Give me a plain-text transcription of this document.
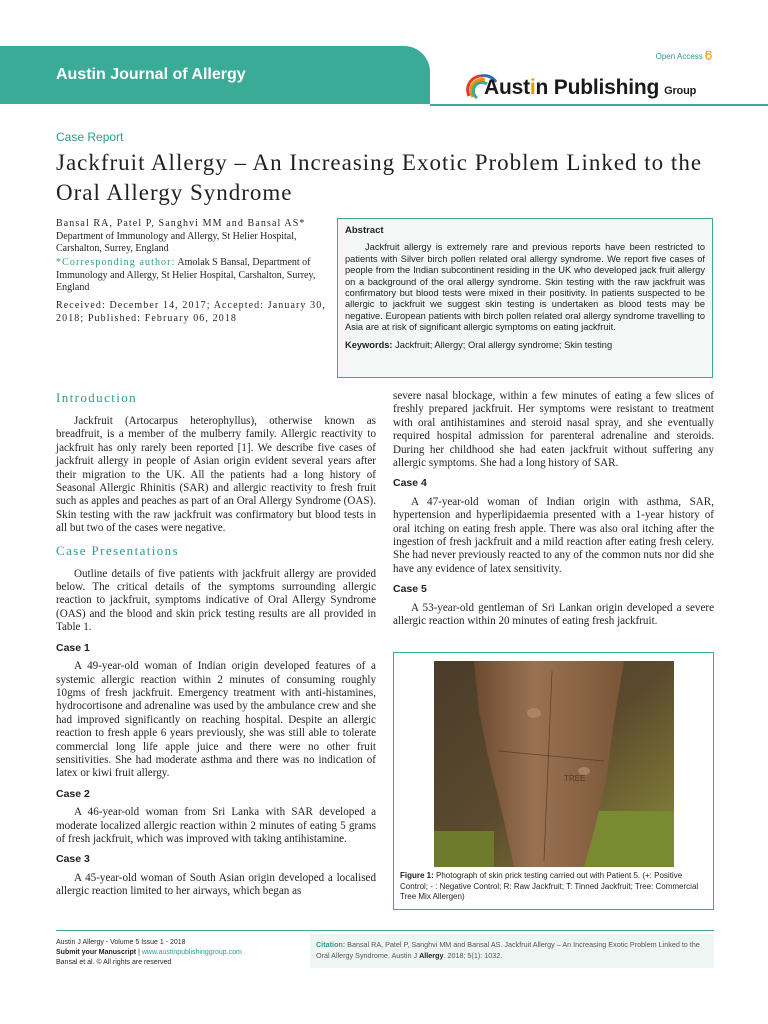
Austin Journal of Allergy
Open Access
Austin Publishing Group
Case Report
Jackfruit Allergy – An Increasing Exotic Problem Linked to the Oral Allergy Syndrome
Bansal RA, Patel P, Sanghvi MM and Bansal AS*
Department of Immunology and Allergy, St Helier Hospital, Carshalton, Surrey, England
*Corresponding author: Amolak S Bansal, Department of Immunology and Allergy, St Helier Hospital, Carshalton, Surrey, England
Received: December 14, 2017; Accepted: January 30, 2018; Published: February 06, 2018
Abstract
Jackfruit allergy is extremely rare and previous reports have been restricted to patients with Silver birch pollen related oral allergy syndrome. We report five cases of people from the Indian subcontinent residing in the UK who developed jack fruit allergy on a background of the oral allergy syndrome. Skin testing with the raw jackfruit was confirmatory but blood tests were mixed in their positivity. In patients suspected to be allergic to jackfruit we suggest skin testing is undertaken as blood tests may be negative. European patients with birch pollen related oral allergy syndrome travelling to Asia are at risk of significant allergic symptoms on eating jackfruit.
Keywords: Jackfruit; Allergy; Oral allergy syndrome; Skin testing
Introduction

Jackfruit (Artocarpus heterophyllus), otherwise known as breadfruit, is a member of the mulberry family. Allergic reactivity to jackfruit has only rarely been reported [1]. We describe five cases of jackfruit allergy in people of Asian origin evident several years after their migration to the UK. All the patients had a long history of Seasonal Allergic Rhinitis (SAR) and allergic reactivity to fresh fruit such as apples and peaches as part of an Oral Allergy Syndrome (OAS). Skin testing with the raw jackfruit was confirmatory but blood tests in all but two of the cases were negative.

Case Presentations

Outline details of five patients with jackfruit allergy are provided below. The critical details of the symptoms surrounding allergic reaction to jackfruit, symptoms indicative of Oral Allergy Syndrome (OAS) and the blood and skin prick testing results are all provided in Table 1.

Case 1

A 49-year-old woman of Indian origin developed features of a systemic allergic reaction within 2 minutes of consuming roughly 10gms of fresh jackfruit. Emergency treatment with anti-histamines, hydrocortisone and adrenaline was used by the ambulance crew and she had improved significantly on reaching hospital. Despite an allergic reaction to fresh apple 6 years previously, she was still able to tolerate commercial long life apple juice and there were no other fruit sensitivities. She had moderate asthma and there was no indication of latex or kiwi fruit allergy.

Case 2

A 46-year-old woman from Sri Lanka with SAR developed a moderate localized allergic reaction within 2 minutes of eating 5 grams of fresh jackfruit, which was improved with taking antihistamine.

Case 3

A 45-year-old woman of South Asian origin developed a localised allergic reaction limited to her airways, which began as

severe nasal blockage, within a few minutes of eating a few slices of freshly prepared jackfruit. Her symptoms were resistant to treatment with oral antihistamines and steroid nasal spray, and she eventually required hospital admission for parenteral adrenaline and steroids. During her childhood she had eaten jackfruit without suffering any allergic symptoms. She had a long history of SAR.

Case 4

A 47-year-old woman of Indian origin with asthma, SAR, hypertension and hyperlipidaemia presented with a 1-year history of oral itching on eating fresh apple. There was also oral itching after the ingestion of fresh jackfruit and a mild reaction after eating fresh celery. She had never previously reacted to any of the common nuts nor did she have any evidence of latex sensitivity.

Case 5

A 53-year-old gentleman of Sri Lankan origin developed a severe allergic reaction within 20 minutes of eating fresh jackfruit.

TREE
Figure 1: Photograph of skin prick testing carried out with Patient 5. (+: Positive Control; - : Negative Control; R: Raw Jackfruit; T: Tinned Jackfruit; Tree: Commercial Tree Mix Allergen)
Austin J Allergy - Volume 5 Issue 1 - 2018
Submit your Manuscript | www.austinpublishinggroup.com
Bansal et al. © All rights are reserved
Citation: Bansal RA, Patel P, Sanghvi MM and Bansal AS. Jackfruit Allergy – An Increasing Exotic Problem Linked to the Oral Allergy Syndrome. Austin J Allergy. 2018; 5(1): 1032.
